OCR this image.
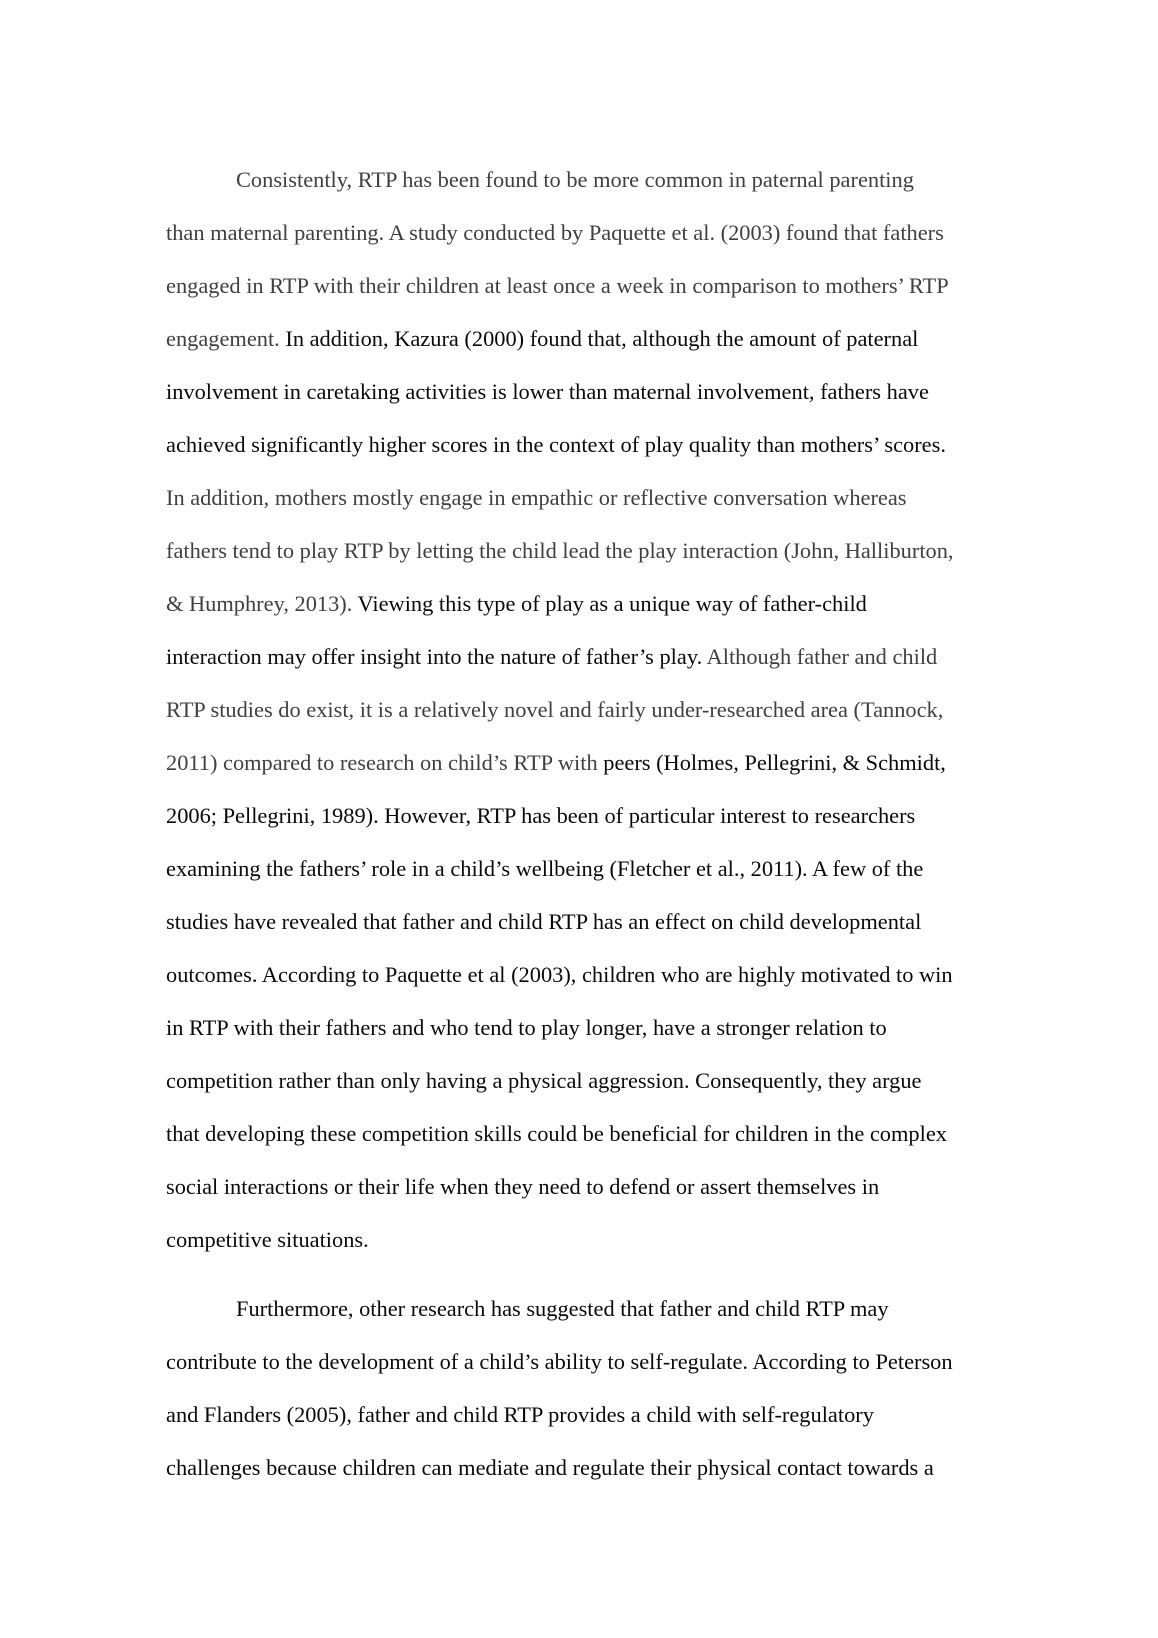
Consistently, RTP has been found to be more common in paternal parenting
than maternal parenting. A study conducted by Paquette et al. (2003) found that fathers
engaged in RTP with their children at least once a week in comparison to mothers’ RTP
engagement. In addition, Kazura (2000) found that, although the amount of paternal
involvement in caretaking activities is lower than maternal involvement, fathers have
achieved significantly higher scores in the context of play quality than mothers’ scores.
In addition, mothers mostly engage in empathic or reflective conversation whereas
fathers tend to play RTP by letting the child lead the play interaction (John, Halliburton,
& Humphrey, 2013). Viewing this type of play as a unique way of father-child
interaction may offer insight into the nature of father’s play. Although father and child
RTP studies do exist, it is a relatively novel and fairly under-researched area (Tannock,
2011) compared to research on child’s RTP with peers (Holmes, Pellegrini, & Schmidt,
2006; Pellegrini, 1989). However, RTP has been of particular interest to researchers
examining the fathers’ role in a child’s wellbeing (Fletcher et al., 2011). A few of the
studies have revealed that father and child RTP has an effect on child developmental
outcomes. According to Paquette et al (2003), children who are highly motivated to win
in RTP with their fathers and who tend to play longer, have a stronger relation to
competition rather than only having a physical aggression. Consequently, they argue
that developing these competition skills could be beneficial for children in the complex
social interactions or their life when they need to defend or assert themselves in
competitive situations.
Furthermore, other research has suggested that father and child RTP may
contribute to the development of a child’s ability to self-regulate. According to Peterson
and Flanders (2005), father and child RTP provides a child with self-regulatory
challenges because children can mediate and regulate their physical contact towards a
